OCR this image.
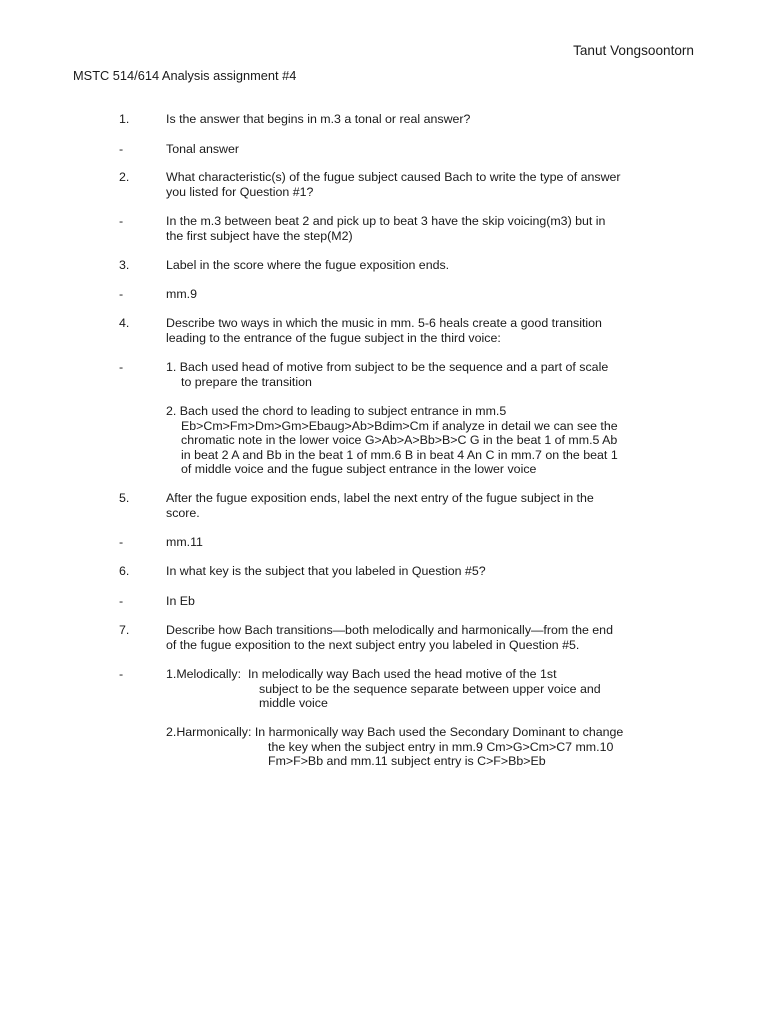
Tanut Vongsoontorn
MSTC 514/614 Analysis assignment #4
1.	Is the answer that begins in m.3 a tonal or real answer?
-	Tonal answer
2.	What characteristic(s) of the fugue subject caused Bach to write the type of answer
you listed for Question #1?
-	In the m.3 between beat 2 and pick up to beat 3 have the skip voicing(m3) but in
the first subject have the step(M2)
3.	Label in the score where the fugue exposition ends.
-	mm.9
4.	Describe two ways in which the music in mm. 5-6 heals create a good transition
leading to the entrance of the fugue subject in the third voice:
-	1. Bach used head of motive from subject to be the sequence and a part of scale
to prepare the transition
2. Bach used the chord to leading to subject entrance in mm.5
Eb>Cm>Fm>Dm>Gm>Ebaug>Ab>Bdim>Cm if analyze in detail we can see the
chromatic note in the lower voice G>Ab>A>Bb>B>C G in the beat 1 of mm.5 Ab
in beat 2 A and Bb in the beat 1 of mm.6 B in beat 4 An C in mm.7 on the beat 1
of middle voice and the fugue subject entrance in the lower voice
5.	After the fugue exposition ends, label the next entry of the fugue subject in the
score.
-	mm.11
6.	In what key is the subject that you labeled in Question #5?
-	In Eb
7.	Describe how Bach transitions—both melodically and harmonically—from the end
of the fugue exposition to the next subject entry you labeled in Question #5.
-	1.Melodically:  In melodically way Bach used the head motive of the 1st
subject to be the sequence separate between upper voice and
middle voice
2.Harmonically: In harmonically way Bach used the Secondary Dominant to change
the key when the subject entry in mm.9 Cm>G>Cm>C7 mm.10
Fm>F>Bb and mm.11 subject entry is C>F>Bb>Eb
